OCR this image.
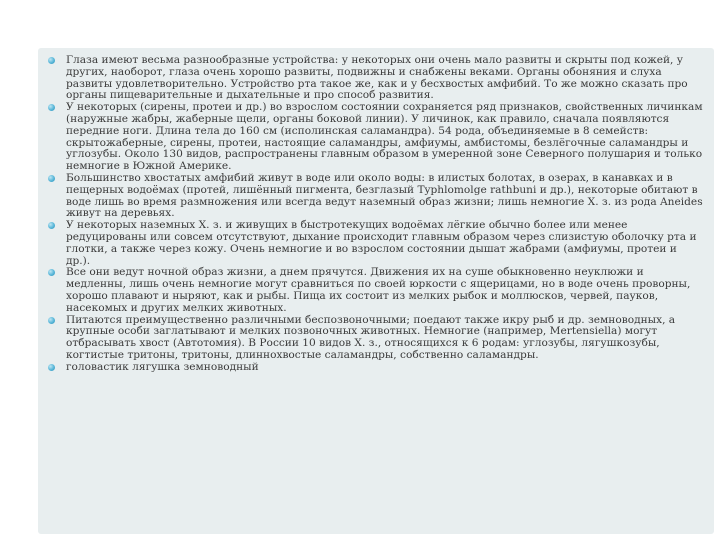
Глаза имеют весьма разнообразные устройства: у некоторых они очень мало развиты и скрыты под кожей, у других, наоборот, глаза очень хорошо развиты, подвижны и снабжены веками. Органы обоняния и слуха развиты удовлетворительно. Устройство рта такое же, как и у бесхвостых амфибий. То же можно сказать про органы пищеварительные и дыхательные и про способ развития.
У некоторых (сирены, протеи и др.) во взрослом состоянии сохраняется ряд признаков, свойственных личинкам (наружные жабры, жаберные щели, органы боковой линии). У личинок, как правило, сначала появляются передние ноги. Длина тела до 160 см (исполинская саламандра). 54 рода, объединяемые в 8 семейств: скрытожаберные, сирены, протеи, настоящие саламандры, амфиумы, амбистомы, безлёгочные саламандры и углозубы. Около 130 видов, распространены главным образом в умеренной зоне Северного полушария и только немногие в Южной Америке.
Большинство хвостатых амфибий живут в воде или около воды: в илистых болотах, в озерах, в канавках и в пещерных водоёмах (протей, лишённый пигмента, безглазый Typhlomolge rathbuni и др.), некоторые обитают в воде лишь во время размножения или всегда ведут наземный образ жизни; лишь немногие Х. з. из рода Aneides живут на деревьях.
У некоторых наземных Х. з. и живущих в быстротекущих водоёмах лёгкие обычно более или менее редуцированы или совсем отсутствуют, дыхание происходит главным образом через слизистую оболочку рта и глотки, а также через кожу. Очень немногие и во взрослом состоянии дышат жабрами (амфиумы, протеи и др.).
Все они ведут ночной образ жизни, а днем прячутся. Движения их на суше обыкновенно неуклюжи и медленны, лишь очень немногие могут сравниться по своей юркости с ящерицами, но в воде очень проворны, хорошо плавают и ныряют, как и рыбы. Пища их состоит из мелких рыбок и моллюсков, червей, пауков, насекомых и других мелких животных.
Питаются преимущественно различными беспозвоночными; поедают также икру рыб и др. земноводных, а крупные особи заглатывают и мелких позвоночных животных. Немногие (например, Mertensiella) могут отбрасывать хвост (Автотомия). В России 10 видов Х. з., относящихся к 6 родам: углозубы, лягушкозубы, когтистые тритоны, тритоны, длиннохвостые саламандры, собственно саламандры.
головастик лягушка земноводный
